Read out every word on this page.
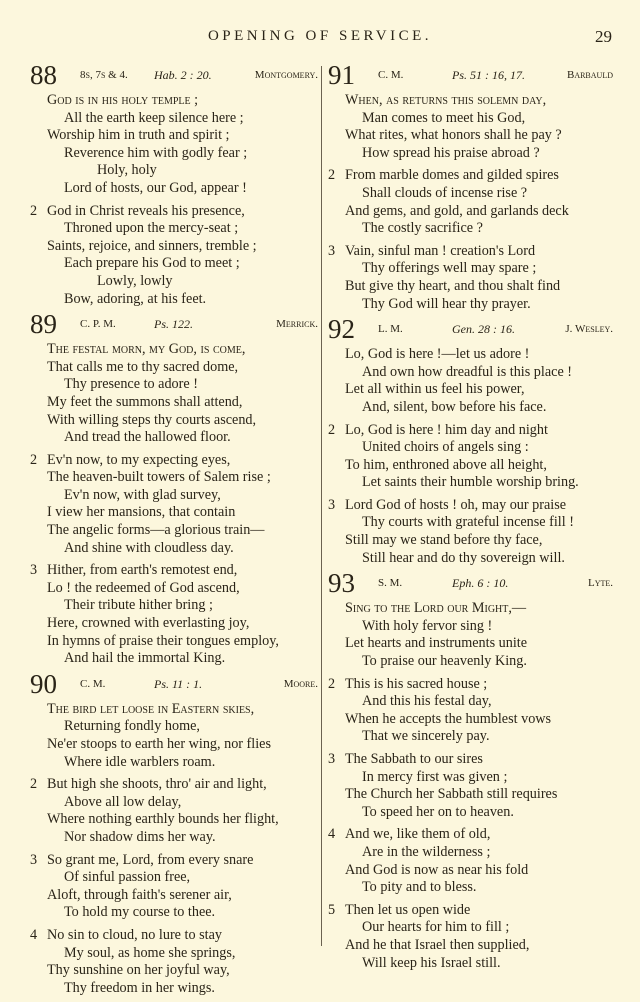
OPENING OF SERVICE.	29
88 8s, 7s & 4. Hab. 2 : 20.	Montgomery.
God is in his holy temple ;
All the earth keep silence here ;
Worship him in truth and spirit ;
Reverence him with godly fear ;
Holy, holy
Lord of hosts, our God, appear !
2 God in Christ reveals his presence,
Throned upon the mercy-seat ;
Saints, rejoice, and sinners, tremble ;
Each prepare his God to meet ;
Lowly, lowly
Bow, adoring, at his feet.
89 C. P. M.	Ps. 122.	Merrick.
The festal morn, my God, is come,
That calls me to thy sacred dome,
Thy presence to adore !
My feet the summons shall attend,
With willing steps thy courts ascend,
And tread the hallowed floor.
2 Ev'n now, to my expecting eyes,
The heaven-built towers of Salem rise ;
Ev'n now, with glad survey,
I view her mansions, that contain
The angelic forms—a glorious train—
And shine with cloudless day.
3 Hither, from earth's remotest end,
Lo ! the redeemed of God ascend,
Their tribute hither bring ;
Here, crowned with everlasting joy,
In hymns of praise their tongues employ,
And hail the immortal King.
90 C. M.	Ps. 11 : 1.	Moore.
The bird let loose in Eastern skies,
Returning fondly home,
Ne'er stoops to earth her wing, nor flies
Where idle warblers roam.
2 But high she shoots, thro' air and light,
Above all low delay,
Where nothing earthly bounds her flight,
Nor shadow dims her way.
3 So grant me, Lord, from every snare
Of sinful passion free,
Aloft, through faith's serener air,
To hold my course to thee.
4 No sin to cloud, no lure to stay
My soul, as home she springs,
Thy sunshine on her joyful way,
Thy freedom in her wings.
91 C. M.	Ps. 51 : 16, 17.	Barbauld
When, as returns this solemn day,
Man comes to meet his God,
What rites, what honors shall he pay ?
How spread his praise abroad ?
2 From marble domes and gilded spires
Shall clouds of incense rise ?
And gems, and gold, and garlands deck
The costly sacrifice ?
3 Vain, sinful man ! creation's Lord
Thy offerings well may spare ;
But give thy heart, and thou shalt find
Thy God will hear thy prayer.
92 L. M.	Gen. 28 : 16.	J. Wesley.
Lo, God is here !—let us adore !
And own how dreadful is this place !
Let all within us feel his power,
And, silent, bow before his face.
2 Lo, God is here ! him day and night
United choirs of angels sing :
To him, enthroned above all height,
Let saints their humble worship bring.
3 Lord God of hosts ! oh, may our praise
Thy courts with grateful incense fill !
Still may we stand before thy face,
Still hear and do thy sovereign will.
93 S. M.	Eph. 6 : 10.	Lyte.
Sing to the Lord our Might,—
With holy fervor sing !
Let hearts and instruments unite
To praise our heavenly King.
2 This is his sacred house ;
And this his festal day,
When he accepts the humblest vows
That we sincerely pay.
3 The Sabbath to our sires
In mercy first was given ;
The Church her Sabbath still requires
To speed her on to heaven.
4 And we, like them of old,
Are in the wilderness ;
And God is now as near his fold
To pity and to bless.
5 Then let us open wide
Our hearts for him to fill ;
And he that Israel then supplied,
Will keep his Israel still.
